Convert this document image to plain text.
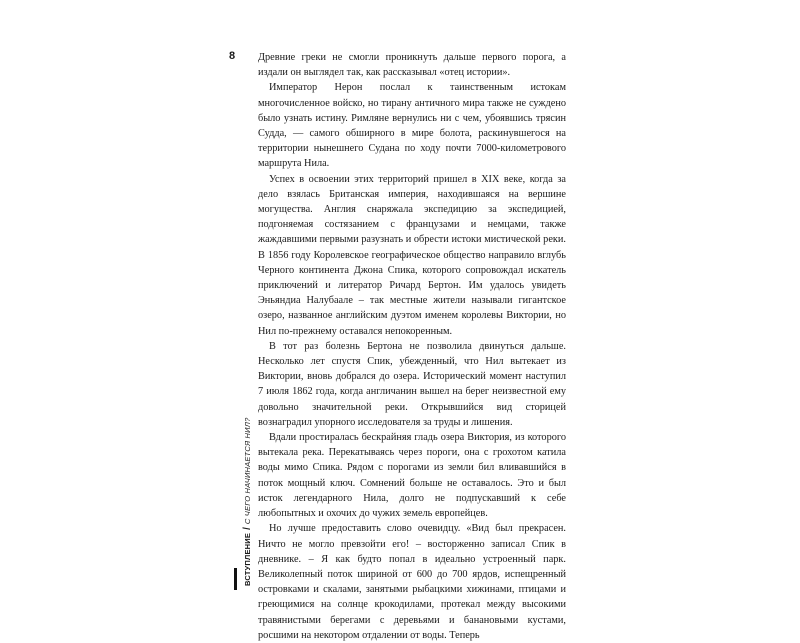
8 Древние греки не смогли проникнуть дальше первого порога, а издали он выглядел так, как рассказывал «отец истории».

Император Нерон послал к таинственным истокам многочисленное войско, но тирану античного мира также не суждено было узнать истину. Римляне вернулись ни с чем, убоявшись трясин Судда, — самого обширного в мире болота, раскинувшегося на территории нынешнего Судана по ходу почти 7000-километрового маршрута Нила.

Успех в освоении этих территорий пришел в XIX веке, когда за дело взялась Британская империя, находившаяся на вершине могущества. Англия снаряжала экспедицию за экспедицией, подгоняемая состязанием с французами и немцами, также жаждавшими первыми разузнать и обрести истоки мистической реки. В 1856 году Королевское географическое общество направило вглубь Черного континента Джона Спика, которого сопровождал искатель приключений и литератор Ричард Бертон. Им удалось увидеть Эньяндиа Налубаале – так местные жители называли гигантское озеро, названное английским дуэтом именем королевы Виктории, но Нил по-прежнему оставался непокоренным.

В тот раз болезнь Бертона не позволила двинуться дальше. Несколько лет спустя Спик, убежденный, что Нил вытекает из Виктории, вновь добрался до озера. Исторический момент наступил 7 июля 1862 года, когда англичанин вышел на берег неизвестной ему довольно значительной реки. Открывшийся вид сторицей вознаградил упорного исследователя за труды и лишения.

Вдали простиралась бескрайняя гладь озера Виктория, из которого вытекала река. Перекатываясь через пороги, она с грохотом катила воды мимо Спика. Рядом с порогами из земли бил вливавшийся в поток мощный ключ. Сомнений больше не оставалось. Это и был исток легендарного Нила, долго не подпускавший к себе любопытных и охочих до чужих земель европейцев.

Но лучше предоставить слово очевидцу. «Вид был прекрасен. Ничто не могло превзойти его! – восторженно записал Спик в дневнике. – Я как будто попал в идеально устроенный парк. Великолепный поток шириной от 600 до 700 ярдов, испещренный островками и скалами, занятыми рыбацкими хижинами, птицами и греющимися на солнце крокодилами, протекал между высокими травянистыми берегами с деревьями и банановыми кустами, росшими на некотором отдалении от воды. Теперь

ВСТУПЛЕНИЕ
/
С ЧЕГО НАЧИНАЕТСЯ НИЛ?
